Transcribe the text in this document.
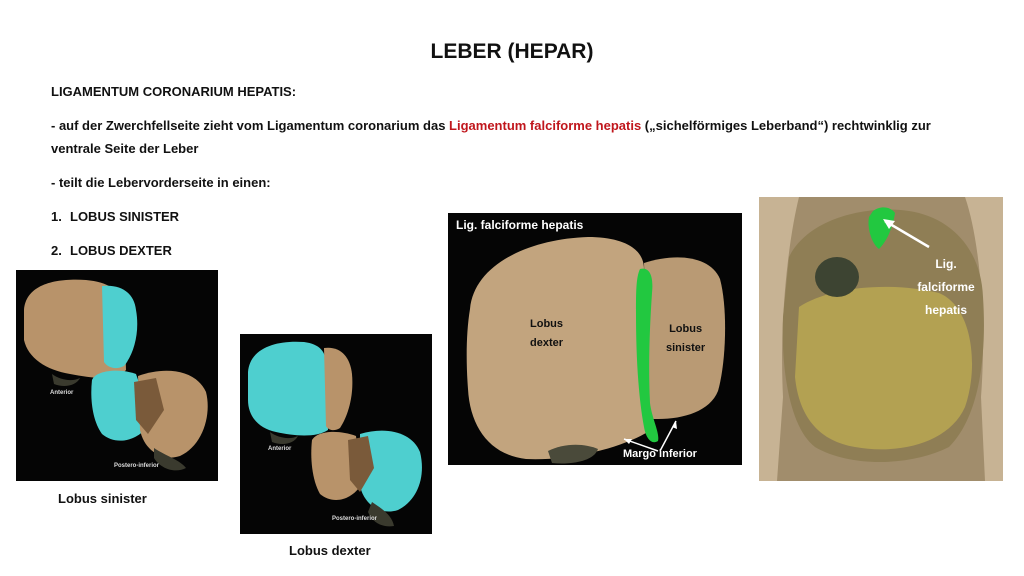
LEBER (HEPAR)

LIGAMENTUM CORONARIUM HEPATIS:

- auf der Zwerchfellseite zieht vom Ligamentum coronarium das Ligamentum falciforme hepatis („sichelförmiges Leberband“) rechtwinklig zur ventrale Seite der Leber

- teilt die Lebervorderseite in einen:

1. LOBUS SINISTER
2. LOBUS DEXTER
Anterior
Postero-inferior
Lobus sinister
Anterior
Postero-inferior
Lobus dexter
Lig. falciforme hepatis
Lobus
dexter
Lobus
sinister
Margo inferior
Lig.
falciforme
hepatis
